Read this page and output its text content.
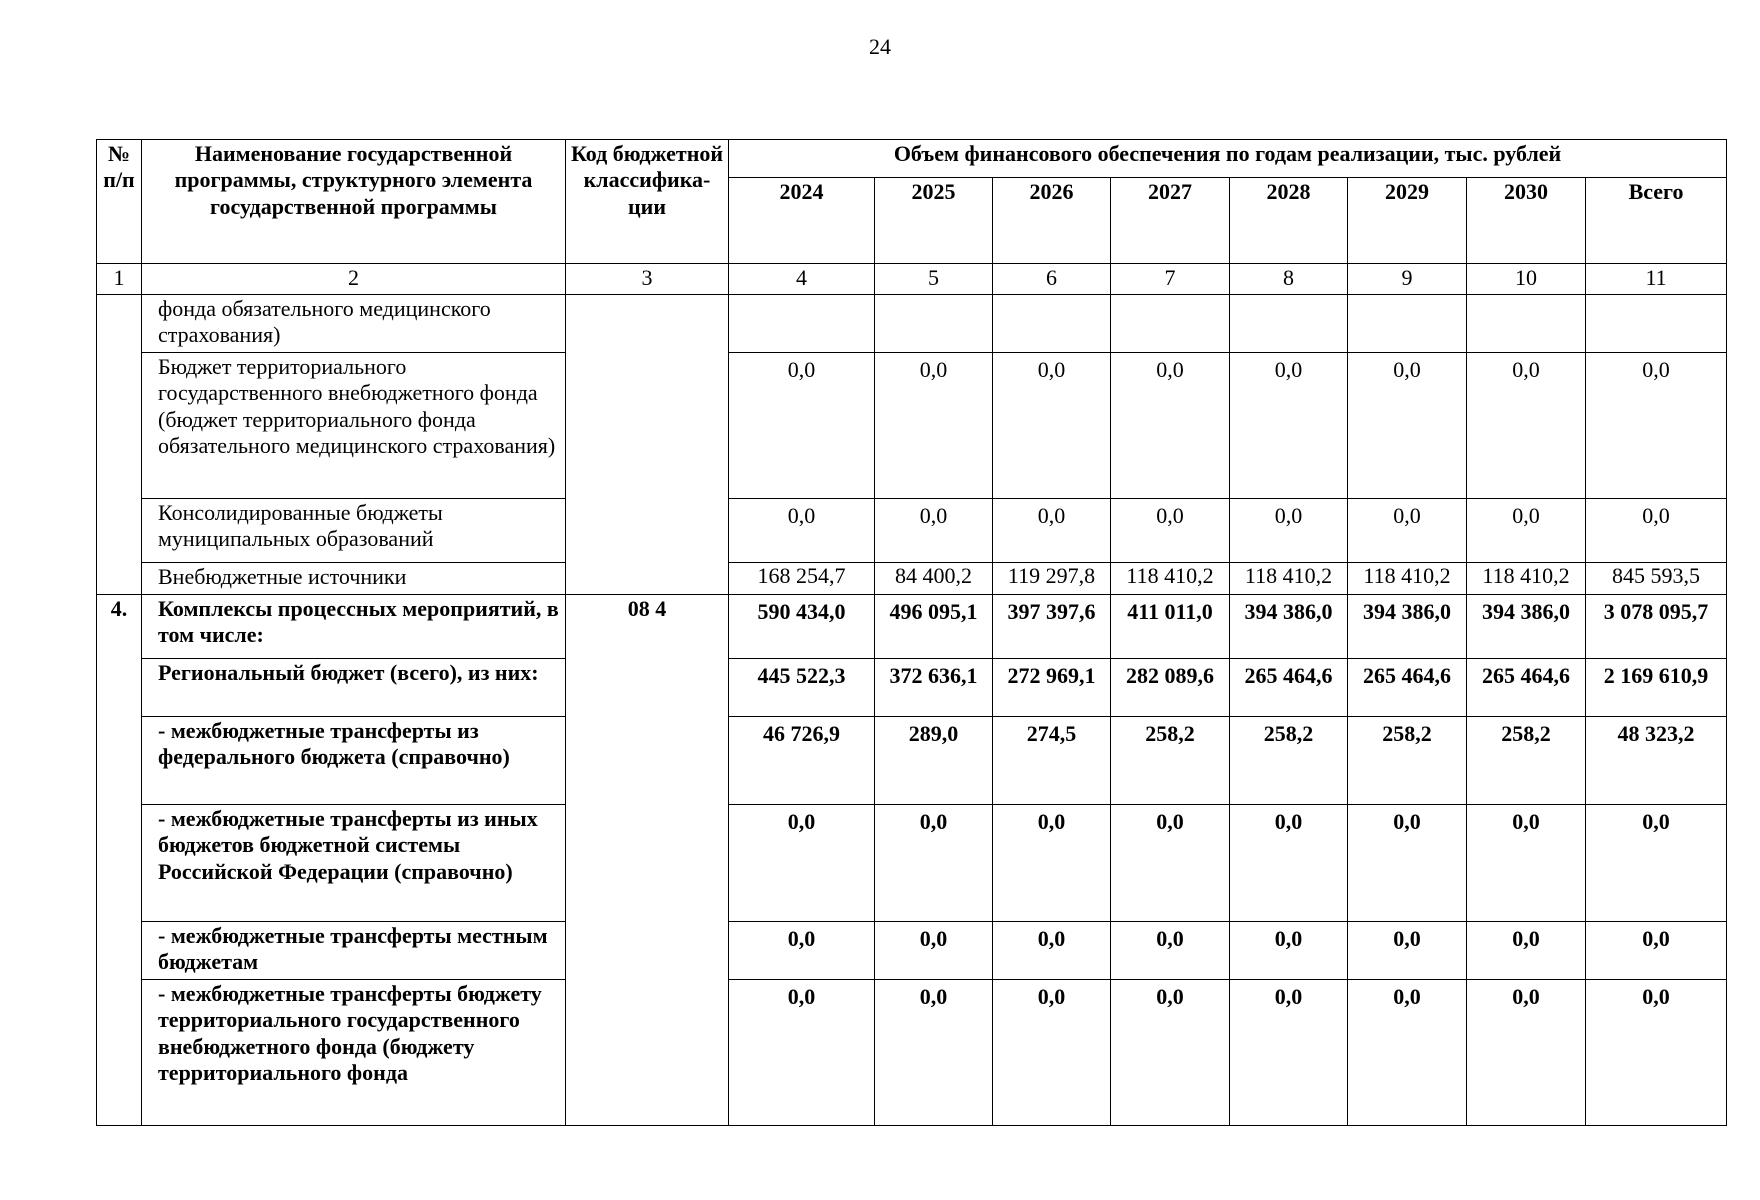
24
№ п/п	Наименование государственной программы, структурного элемента государственной программы	Код бюджетной классифика-ции	Объем финансового обеспечения по годам реализации, тыс. рублей							
			2024	2025	2026	2027	2028	2029	2030	Всего
1	2	3	4	5	6	7	8	9	10	11
	фонда обязательного медицинского страхования)									
	Бюджет территориального государственного внебюджетного фонда (бюджет территориального фонда обязательного медицинского страхования)		0,0	0,0	0,0	0,0	0,0	0,0	0,0	0,0
	Консолидированные бюджеты муниципальных образований		0,0	0,0	0,0	0,0	0,0	0,0	0,0	0,0
	Внебюджетные источники		168 254,7	84 400,2	119 297,8	118 410,2	118 410,2	118 410,2	118 410,2	845 593,5
4.	Комплексы процессных мероприятий, в том числе:	08 4	590 434,0	496 095,1	397 397,6	411 011,0	394 386,0	394 386,0	394 386,0	3 078 095,7
	Региональный бюджет (всего), из них:		445 522,3	372 636,1	272 969,1	282 089,6	265 464,6	265 464,6	265 464,6	2 169 610,9
	- межбюджетные трансферты из федерального бюджета (справочно)		46 726,9	289,0	274,5	258,2	258,2	258,2	258,2	48 323,2
	- межбюджетные трансферты из иных бюджетов бюджетной системы Российской Федерации (справочно)		0,0	0,0	0,0	0,0	0,0	0,0	0,0	0,0
	- межбюджетные трансферты местным бюджетам		0,0	0,0	0,0	0,0	0,0	0,0	0,0	0,0
	- межбюджетные трансферты бюджету территориального государственного внебюджетного фонда (бюджету территориального фонда		0,0	0,0	0,0	0,0	0,0	0,0	0,0	0,0
